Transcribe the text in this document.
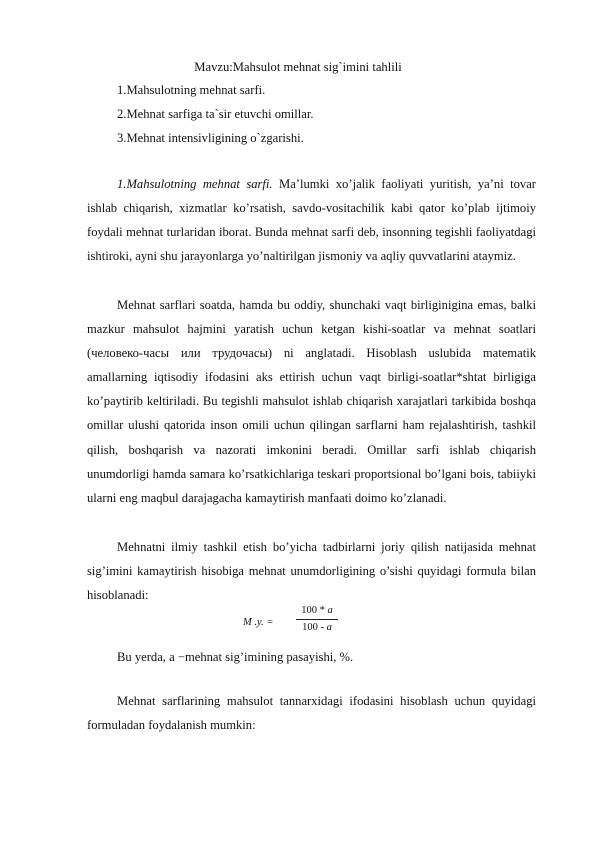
Mavzu:Mahsulot mehnat sig`imini tahlili

1.Mahsulotning mehnat sarfi.

2.Mehnat sarfiga ta`sir etuvchi omillar.

3.Mehnat intensivligining o`zgarishi.

1.Mahsulotning mehnat sarfi. Ma’lumki xo’jalik faoliyati yuritish, ya’ni tovar ishlab chiqarish, xizmatlar ko’rsatish, savdo-vositachilik kabi qator ko’plab ijtimoiy foydali mehnat turlaridan iborat. Bunda mehnat sarfi deb, insonning tegishli faoliyatdagi ishtiroki, ayni shu jarayonlarga yo’naltirilgan jismoniy va aqliy quvvatlarini ataymiz.

Mehnat sarflari soatda, hamda bu oddiy, shunchaki vaqt birliginigina emas, balki mazkur mahsulot hajmini yaratish uchun ketgan kishi-soatlar va mehnat soatlari (человеко-часы или трудочасы) ni anglatadi. Hisoblash uslubida matematik amallarning iqtisodiy ifodasini aks ettirish uchun vaqt birligi-soatlar*shtat birligiga ko’paytirib keltiriladi. Bu tegishli mahsulot ishlab chiqarish xarajatlari tarkibida boshqa omillar ulushi qatorida inson omili uchun qilingan sarflarni ham rejalashtirish, tashkil qilish, boshqarish va nazorati imkonini beradi. Omillar sarfi ishlab chiqarish unumdorligi hamda samara ko’rsatkichlariga teskari proportsional bo’lgani bois, tabiiyki ularni eng maqbul darajagacha kamaytirish manfaati doimo ko’zlanadi.

Mehnatni ilmiy tashkil etish bo’yicha tadbirlarni joriy qilish natijasida mehnat sig’imini kamaytirish hisobiga mehnat unumdorligining o’sishi quyidagi formula bilan hisoblanadi:

M .y. =
100 * a
100 - a

Bu yerda, a −mehnat sig’imining pasayishi, %.

Mehnat sarflarining mahsulot tannarxidagi ifodasini hisoblash uchun quyidagi formuladan foydalanish mumkin:
